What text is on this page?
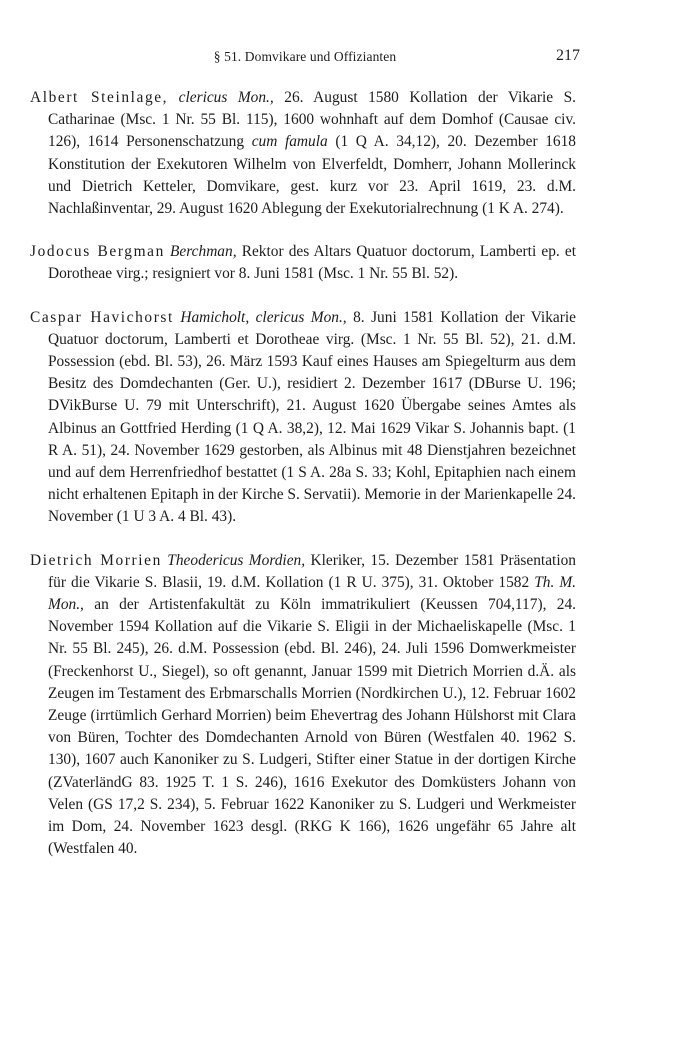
§ 51. Domvikare und Offizianten	217

Albert Steinlage, clericus Mon., 26. August 1580 Kollation der Vikarie S. Catharinae (Msc. 1 Nr. 55 Bl. 115), 1600 wohnhaft auf dem Domhof (Causae civ. 126), 1614 Personenschatzung cum famula (1 Q A. 34,12), 20. Dezember 1618 Konstitution der Exekutoren Wilhelm von Elverfeldt, Domherr, Johann Mollerinck und Dietrich Ketteler, Domvikare, gest. kurz vor 23. April 1619, 23. d.M. Nachlaßinventar, 29. August 1620 Ablegung der Exekutorialrechnung (1 K A. 274).

Jodocus Bergman Berchman, Rektor des Altars Quatuor doctorum, Lamberti ep. et Dorotheae virg.; resigniert vor 8. Juni 1581 (Msc. 1 Nr. 55 Bl. 52).

Caspar Havichorst Hamicholt, clericus Mon., 8. Juni 1581 Kollation der Vikarie Quatuor doctorum, Lamberti et Dorotheae virg. (Msc. 1 Nr. 55 Bl. 52), 21. d.M. Possession (ebd. Bl. 53), 26. März 1593 Kauf eines Hauses am Spiegelturm aus dem Besitz des Domdechanten (Ger. U.), residiert 2. Dezember 1617 (DBurse U. 196; DVikBurse U. 79 mit Unterschrift), 21. August 1620 Übergabe seines Amtes als Albinus an Gottfried Herding (1 Q A. 38,2), 12. Mai 1629 Vikar S. Johannis bapt. (1 R A. 51), 24. November 1629 gestorben, als Albinus mit 48 Dienstjahren bezeichnet und auf dem Herrenfriedhof bestattet (1 S A. 28a S. 33; Kohl, Epitaphien nach einem nicht erhaltenen Epitaph in der Kirche S. Servatii). Memorie in der Marienkapelle 24. November (1 U 3 A. 4 Bl. 43).

Dietrich Morrien Theodericus Mordien, Kleriker, 15. Dezember 1581 Präsentation für die Vikarie S. Blasii, 19. d.M. Kollation (1 R U. 375), 31. Oktober 1582 Th. M. Mon., an der Artistenfakultät zu Köln immatrikuliert (Keussen 704,117), 24. November 1594 Kollation auf die Vikarie S. Eligii in der Michaeliskapelle (Msc. 1 Nr. 55 Bl. 245), 26. d.M. Possession (ebd. Bl. 246), 24. Juli 1596 Domwerkmeister (Freckenhorst U., Siegel), so oft genannt, Januar 1599 mit Dietrich Morrien d.Ä. als Zeugen im Testament des Erbmarschalls Morrien (Nordkirchen U.), 12. Februar 1602 Zeuge (irrtümlich Gerhard Morrien) beim Ehevertrag des Johann Hülshorst mit Clara von Büren, Tochter des Domdechanten Arnold von Büren (Westfalen 40. 1962 S. 130), 1607 auch Kanoniker zu S. Ludgeri, Stifter einer Statue in der dortigen Kirche (ZVaterländG 83. 1925 T. 1 S. 246), 1616 Exekutor des Domküsters Johann von Velen (GS 17,2 S. 234), 5. Februar 1622 Kanoniker zu S. Ludgeri und Werkmeister im Dom, 24. November 1623 desgl. (RKG K 166), 1626 ungefähr 65 Jahre alt (Westfalen 40.
